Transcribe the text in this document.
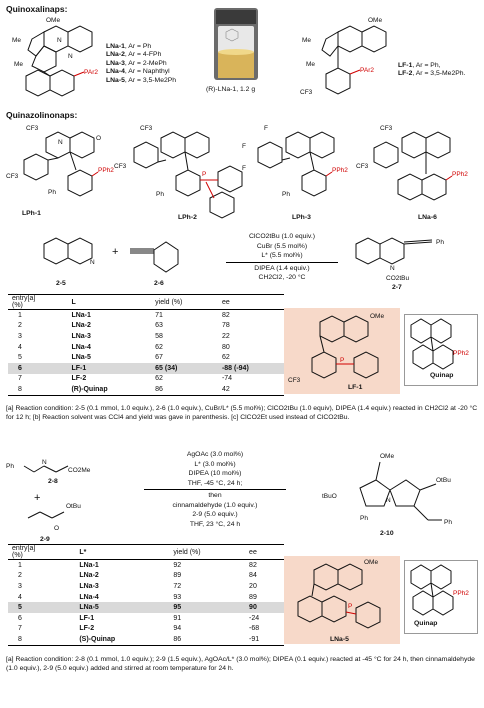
Quinoxalinaps:
OMe
Me
Me
N
N
PAr2
LNa-1, Ar = Ph
LNa-2, Ar = 4-FPh
LNa-3, Ar = 2-MePh
LNa-4, Ar = Naphthyl
LNa-5, Ar = 3,5-Me2Ph
(R)-LNa-1, 1.2 g
OMe
Me
Me
CF3
PAr2
LF-1, Ar = Ph,
LF-2, Ar = 3,5-Me2Ph.
Quinazolinonaps:
CF3
CF3
N
O
Ph
PPh2
CF3
CF3
Ph
P
F
F
F
Ph
PPh2
CF3
CF3
PPh2
LPh-1
LPh-2	LPh-3	LNa-6
N
2-5
+
2-6
ClCO2tBu (1.0 equiv.)
CuBr (5.5 mol%)
L* (5.5 mol%)
DIPEA (1.4 equiv.)
CH2Cl2, -20 °C
Ph
N
CO2tBu
2-7
entry[a]
(%)	L	yield (%)	ee
1	LNa-1	71	82
2	LNa-2	63	78
3	LNa-3	58	22
4	LNa-4	62	80
5	LNa-5	67	62
6	LF-1	65 (34)	-88 (-94)
7	LF-2	62	-74
8	(R)-Quinap	86	42
CF3
P
OMe
LF-1
PPh2
Quinap
[a] Reaction condition: 2-5 (0.1 mmol, 1.0 equiv.), 2-6 (1.0 equiv.), CuBr/L* (5.5 mol%); ClCO2tBu (1.0 equiv), DIPEA (1.4 equiv.) reacted in CH2Cl2 at -20 °C for 12 h; [b] Reaction solvent was CCl4 and yield was gave in parenthesis. [c] ClCO2Et used instead of ClCO2tBu.
Ph
N
CO2Me
O
OtBu
2-8
2-9
+
AgOAc (3.0 mol%)
L* (3.0 mol%)
DIPEA (10 mol%)
THF, -45 °C, 24 h;
then
cinnamaldehyde (1.0 equiv.)
2-9 (5.0 equiv.)
THF, 23 °C, 24 h
OMe
OtBu
tBuO
N
Ph
Ph
2-10
entry[a]
(%)	L*	yield (%)	ee
1	LNa-1	92	82
2	LNa-2	89	84
3	LNa-3	72	20
4	LNa-4	93	89
5	LNa-5	95	90
6	LF-1	91	-24
7	LF-2	94	-68
8	(S)-Quinap	86	-91
P
OMe
LNa-5
PPh2
Quinap
[a] Reaction condition: 2-8 (0.1 mmol, 1.0 equiv.); 2-9 (1.5 equiv.), AgOAc/L* (3.0 mol%); DIPEA (0.1 equiv.) reacted at -45 °C for 24 h, then cinnamaldehyde (1.0 equiv.), 2-9 (5.0 equiv.) added and stirred at room temperature for 24 h.
